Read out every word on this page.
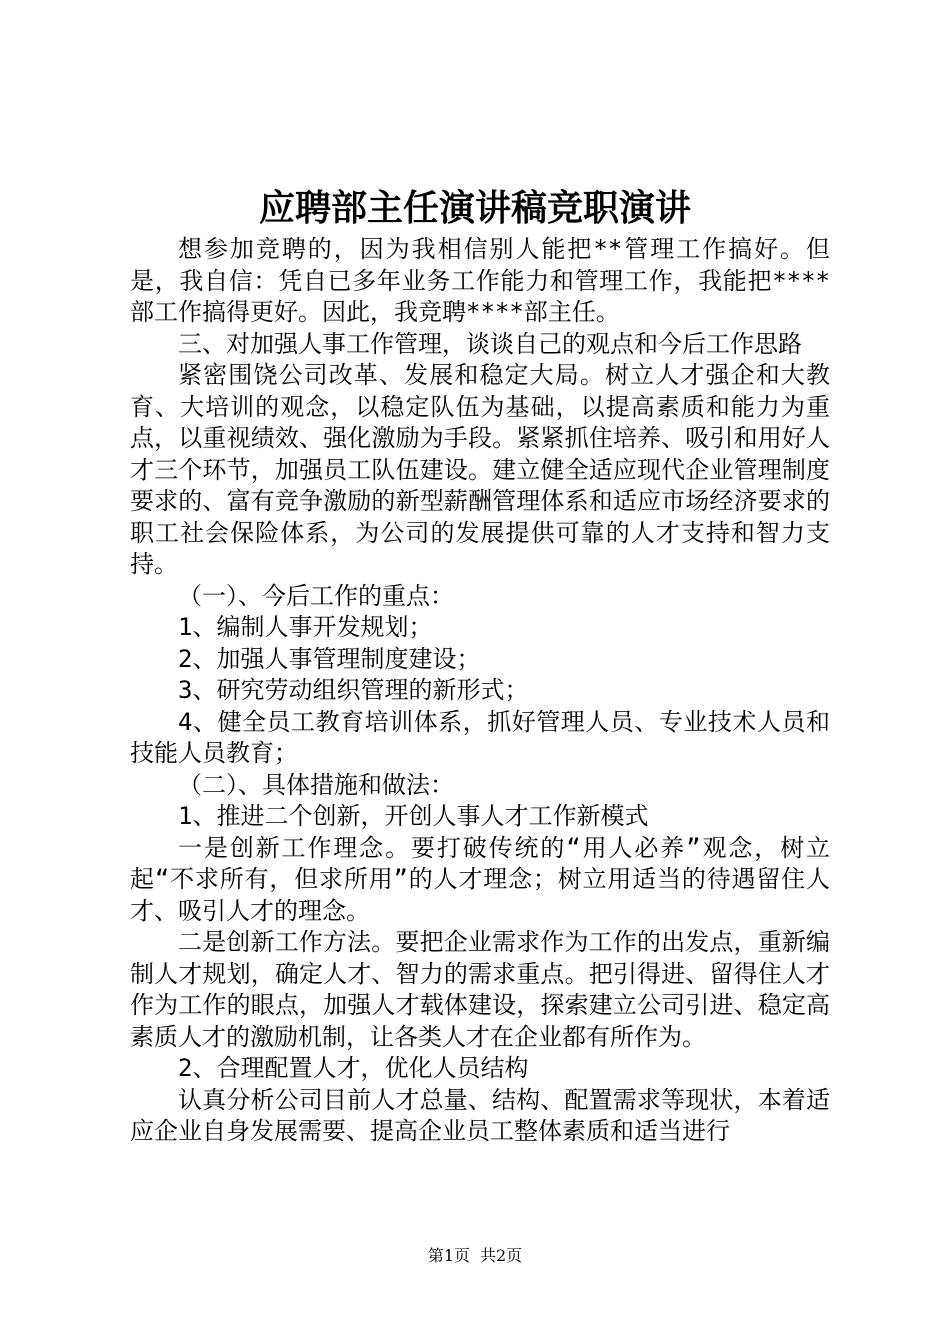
应聘部主任演讲稿竞职演讲

想参加竞聘的，因为我相信别人能把**管理工作搞好。但是，我自信：凭自已多年业务工作能力和管理工作，我能把****部工作搞得更好。因此，我竞聘****部主任。

三、对加强人事工作管理，谈谈自己的观点和今后工作思路

紧密围饶公司改革、发展和稳定大局。树立人才强企和大教育、大培训的观念，以稳定队伍为基础，以提高素质和能力为重点，以重视绩效、强化激励为手段。紧紧抓住培养、吸引和用好人才三个环节，加强员工队伍建设。建立健全适应现代企业管理制度要求的、富有竞争激励的新型薪酬管理体系和适应市场经济要求的职工社会保险体系，为公司的发展提供可靠的人才支持和智力支持。

（一）、今后工作的重点：

1、编制人事开发规划；

2、加强人事管理制度建设；

3、研究劳动组织管理的新形式；

4、健全员工教育培训体系，抓好管理人员、专业技术人员和技能人员教育；

（二）、具体措施和做法：

1、推进二个创新，开创人事人才工作新模式

一是创新工作理念。要打破传统的“用人必养”观念，树立起“不求所有，但求所用”的人才理念；树立用适当的待遇留住人才、吸引人才的理念。

二是创新工作方法。要把企业需求作为工作的出发点，重新编制人才规划，确定人才、智力的需求重点。把引得进、留得住人才作为工作的眼点，加强人才载体建设，探索建立公司引进、稳定高素质人才的激励机制，让各类人才在企业都有所作为。

2、合理配置人才，优化人员结构

认真分析公司目前人才总量、结构、配置需求等现状，本着适应企业自身发展需要、提高企业员工整体素质和适当进行

第1页 共2页
